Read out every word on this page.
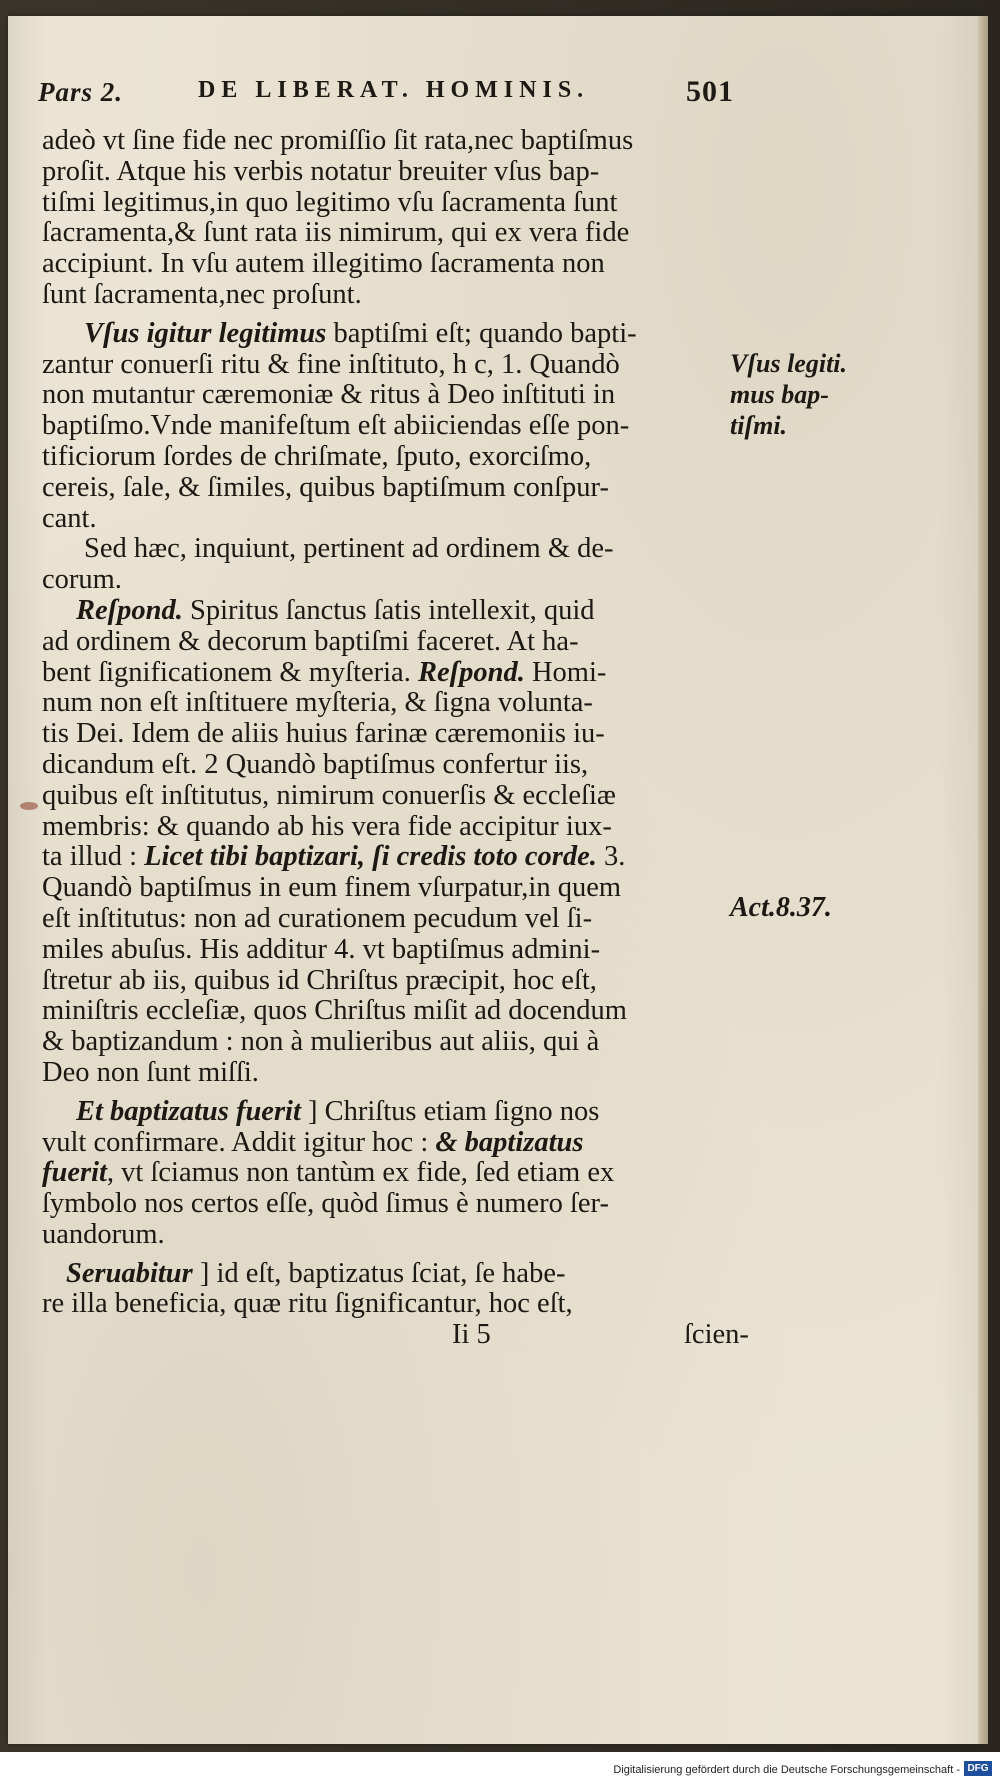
Pars 2.	DE LIBERAT. HOMINIS.	501
adeò vt ſine fide nec promiſſio ſit rata,nec baptiſmus
proſit. Atque his verbis notatur breuiter vſus bap-
tiſmi legitimus,in quo legitimo vſu ſacramenta ſunt
ſacramenta,& ſunt rata iis nimirum, qui ex vera fide
accipiunt. In vſu autem illegitimo ſacramenta non
ſunt ſacramenta,nec proſunt.
Vſus igitur legitimus baptiſmi eſt; quando bapti-
zantur conuerſi ritu & fine inſtituto, h c, 1. Quandò
non mutantur cæremoniæ & ritus à Deo inſtituti in
baptiſmo.Vnde manifeſtum eſt abiiciendas eſſe pon-
tificiorum ſordes de chriſmate, ſputo, exorciſmo,
cereis, ſale, & ſimiles, quibus baptiſmum conſpur-
cant.
Sed hæc, inquiunt, pertinent ad ordinem & de-
corum.
Reſpond. Spiritus ſanctus ſatis intellexit, quid
ad ordinem & decorum baptiſmi faceret. At ha-
bent ſignificationem & myſteria. Reſpond. Homi-
num non eſt inſtituere myſteria, & ſigna volunta-
tis Dei. Idem de aliis huius farinæ cæremoniis iu-
dicandum eſt. 2 Quandò baptiſmus confertur iis,
quibus eſt inſtitutus, nimirum conuerſis & eccleſiæ
membris: & quando ab his vera fide accipitur iux-
ta illud : Licet tibi baptizari, ſi credis toto corde. 3.
Quandò baptiſmus in eum finem vſurpatur,in quem
eſt inſtitutus: non ad curationem pecudum vel ſi-
miles abuſus. His additur 4. vt baptiſmus admini-
ſtretur ab iis, quibus id Chriſtus præcipit, hoc eſt,
miniſtris eccleſiæ, quos Chriſtus miſit ad docendum
& baptizandum : non à mulieribus aut aliis, qui à
Deo non ſunt miſſi.
Et baptizatus fuerit ] Chriſtus etiam ſigno nos
vult confirmare. Addit igitur hoc : & baptizatus
fuerit, vt ſciamus non tantùm ex fide, ſed etiam ex
ſymbolo nos certos eſſe, quòd ſimus è numero ſer-
uandorum.
Seruabitur ] id eſt, baptizatus ſciat, ſe habe-
re illa beneficia, quæ ritu ſignificantur, hoc eſt,
Ii 5	ſcien-
Vſus legiti.
mus bap-
tiſmi.
Act.8.37.
Digitalisierung gefördert durch die Deutsche Forschungsgemeinschaft - DFG
